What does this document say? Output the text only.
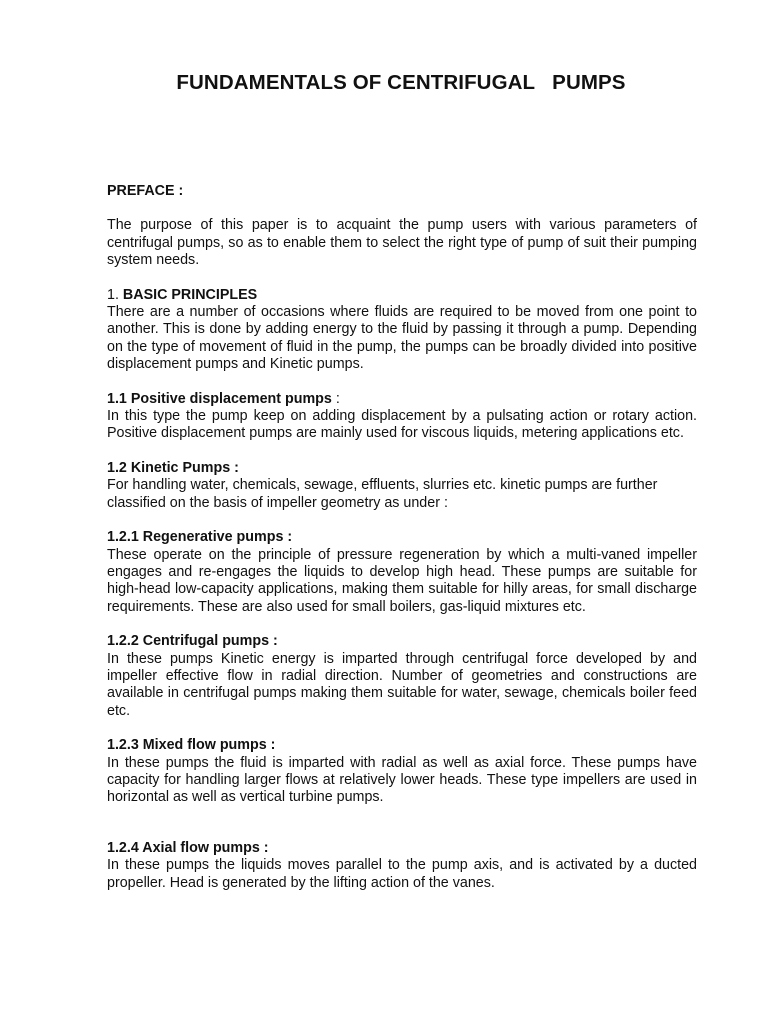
FUNDAMENTALS OF CENTRIFUGAL   PUMPS

PREFACE :

The purpose of this paper is to acquaint the pump users with various parameters of centrifugal pumps, so as to enable them to select the right type of pump of suit their pumping system needs.

1. BASIC PRINCIPLES

There are a number of occasions where fluids are required to be moved from one point to another. This is done by adding energy to the fluid by passing it through a pump. Depending on the type of movement of fluid in the pump, the pumps can be broadly divided into positive displacement pumps and Kinetic pumps.

1.1 Positive displacement pumps :

In this type the pump keep on adding displacement by a pulsating action or rotary action. Positive displacement pumps are mainly used for viscous liquids, metering applications etc.

1.2 Kinetic Pumps :

For handling water, chemicals, sewage, effluents, slurries etc. kinetic pumps are further classified on the basis of impeller geometry as under :

1.2.1 Regenerative pumps :

These operate on the principle of pressure regeneration by which a multi-vaned impeller engages and re-engages the liquids to develop high head. These pumps are suitable for high-head low-capacity applications, making them suitable for hilly areas, for small discharge requirements. These are also used for small boilers, gas-liquid mixtures etc.

1.2.2 Centrifugal pumps :

In these pumps Kinetic energy is imparted through centrifugal force developed by and impeller effective flow in radial direction. Number of geometries and constructions are available in centrifugal pumps making them suitable for water, sewage, chemicals boiler feed etc.

1.2.3 Mixed flow pumps :

In these pumps the fluid is imparted with radial as well as axial force. These pumps have capacity for handling larger flows at relatively lower heads. These type impellers are used in horizontal as well as vertical turbine pumps.

1.2.4 Axial flow pumps :

In these pumps the liquids moves parallel to the pump axis, and is activated by a ducted propeller. Head is generated by the lifting action of the vanes.
